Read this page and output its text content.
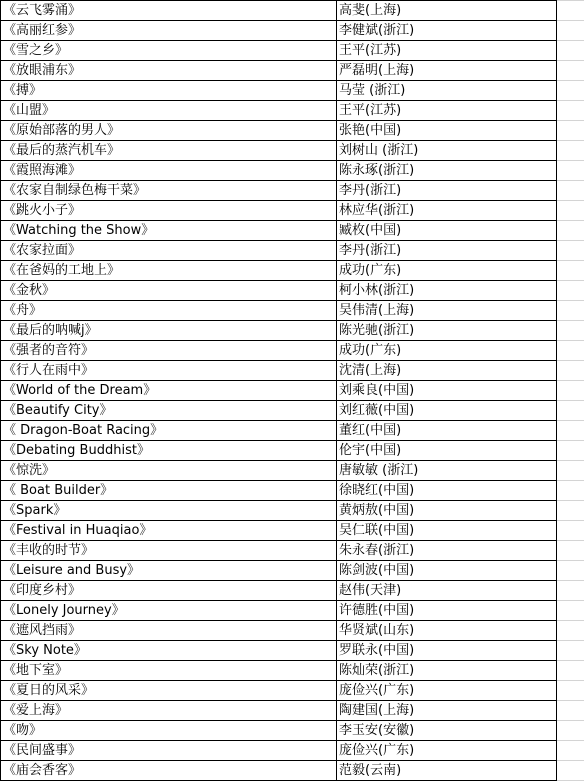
《云飞雾涌》	高斐(上海)	
《高丽红参》	李健斌(浙江)	
《雪之乡》	王平(江苏)	
《放眼浦东》	严磊明(上海)	
《搏》	马莹 (浙江)	
《山盟》	王平(江苏)	
《原始部落的男人》	张艳(中国)	
《最后的蒸汽机车》	刘树山 (浙江)	
《霞照海滩》	陈永琢(浙江)	
《农家自制绿色梅干菜》	李丹(浙江)	
《跳火小子》	林应华(浙江)	
《Watching the Show》	臧枚(中国)	
《农家拉面》	李丹(浙江)	
《在爸妈的工地上》	成功(广东)	
《金秋》	柯小林(浙江)	
《舟》	吴伟清(上海)	
《最后的呐喊j》	陈光驰(浙江)	
《强者的音符》	成功(广东)	
《行人在雨中》	沈清(上海)	
《World of the Dream》	刘乘良(中国)	
《Beautify City》	刘红薇(中国)	
《 Dragon-Boat Racing》	董红(中国)	
《Debating Buddhist》	伦宇(中国)	
《惊洗》	唐敏敏 (浙江)	
《 Boat Builder》	徐晓红(中国)	
《Spark》	黄炳敖(中国)	
《Festival in Huaqiao》	吴仁联(中国)	
《丰收的时节》	朱永春(浙江)	
《Leisure and Busy》	陈剑波(中国)	
《印度乡村》	赵伟(天津)	
《Lonely Journey》	许德胜(中国)	
《遮风挡雨》	华贤斌(山东)	
《Sky Note》	罗联永(中国)	
《地下室》	陈灿荣(浙江)	
《夏日的风采》	庞俭兴(广东)	
《爱上海》	陶建国(上海)	
《吻》	李玉安(安徽)	
《民间盛事》	庞俭兴(广东)	
《庙会香客》	范毅(云南)	
